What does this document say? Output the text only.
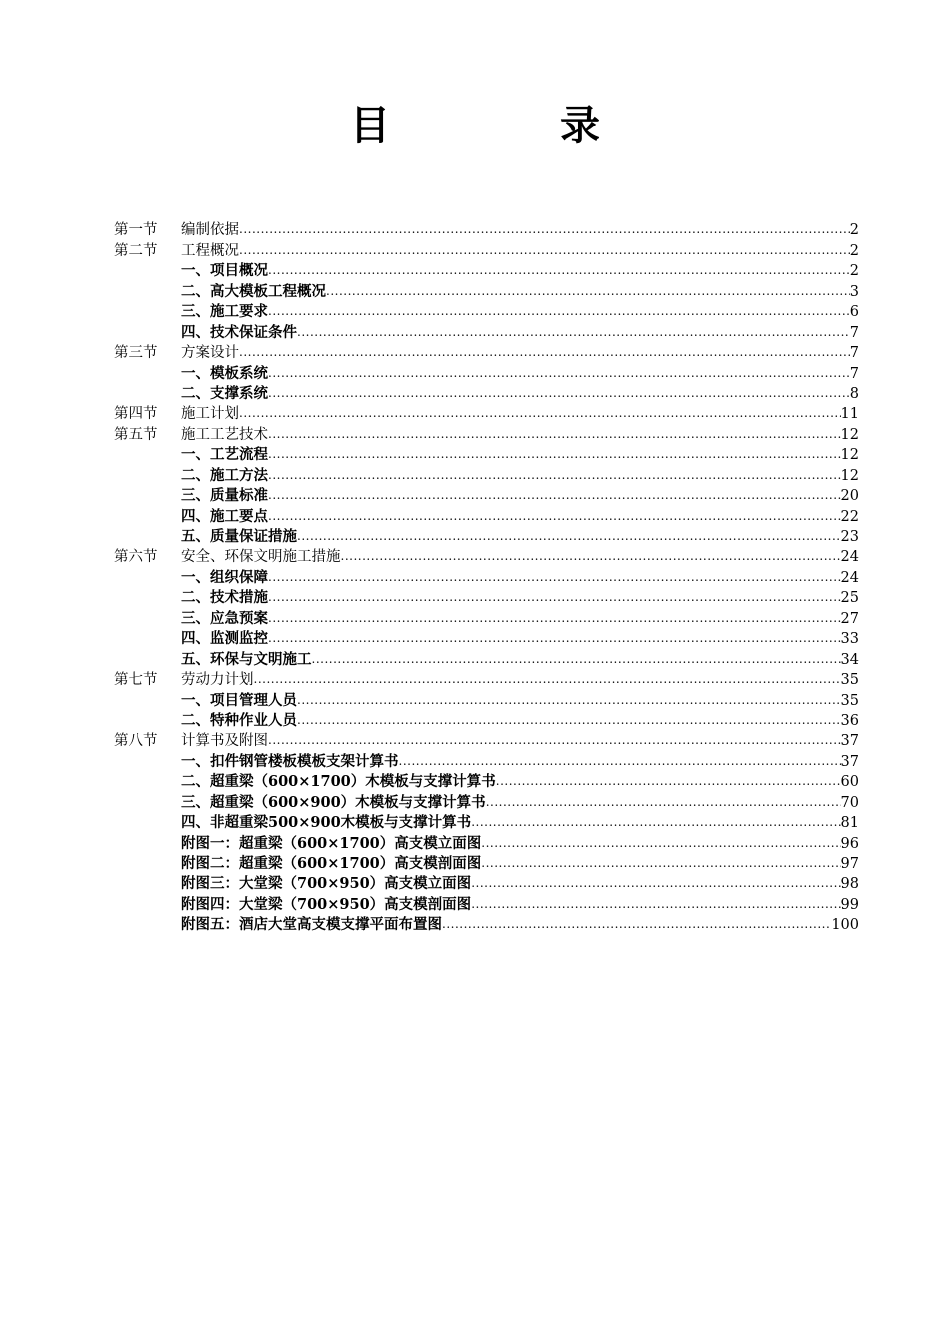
目 录
第一节	编制依据 .....	2
第二节	工程概况 .....	2
一、项目概况 .....	2
二、高大模板工程概况 .....	3
三、施工要求 .....	6
四、技术保证条件 .....	7
第三节	方案设计 .....	7
一、模板系统 .....	7
二、支撑系统 .....	8
第四节	施工计划 .....	11
第五节	施工工艺技术 .....	12
一、工艺流程 .....	12
二、施工方法 .....	12
三、质量标准 .....	20
四、施工要点 .....	22
五、质量保证措施 .....	23
第六节	安全、环保文明施工措施 .....	24
一、组织保障 .....	24
二、技术措施 .....	25
三、应急预案 .....	27
四、监测监控 .....	33
五、环保与文明施工 .....	34
第七节	劳动力计划 .....	35
一、项目管理人员 .....	35
二、特种作业人员 .....	36
第八节	计算书及附图 .....	37
一、扣件钢管楼板模板支架计算书 .....	37
二、超重梁（600×1700）木模板与支撑计算书 .....	60
三、超重梁（600×900）木模板与支撑计算书 .....	70
四、非超重梁500×900木模板与支撑计算书 .....	81
附图一：超重梁（600×1700）高支模立面图 .....	96
附图二：超重梁（600×1700）高支模剖面图 .....	97
附图三：大堂梁（700×950）高支模立面图 .....	98
附图四：大堂梁（700×950）高支模剖面图 .....	99
附图五：酒店大堂高支模支撑平面布置图 .....	100
